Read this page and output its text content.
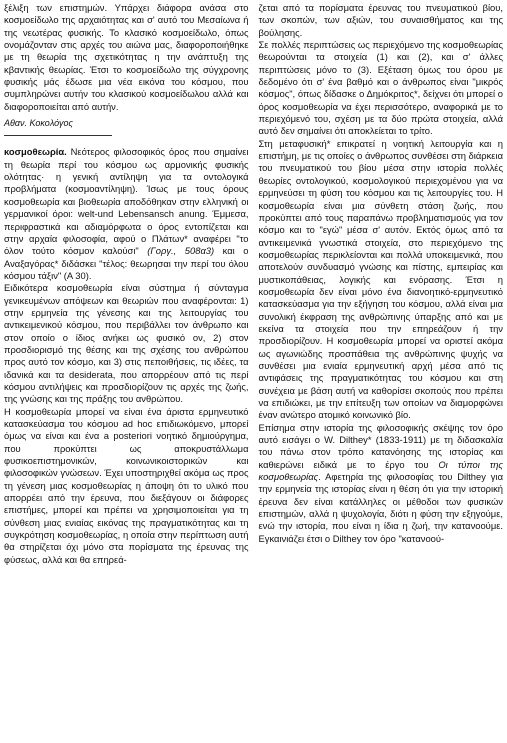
ξέλιξη των επιστημών. Υπάρχει διάφορα ανάσα στο κοσμοείδωλο της αρχαιότητας και σ' αυτό του Μεσαίωνα ή της νεωτέρας φυσικής. Το κλασικό κοσμοείδωλο, όπως ονομάζονταν στις αρχές του αιώνα μας, διαφοροποιήθηκε με τη θεωρία της σχετικότητας η την ανάπτυξη της κβαντικής θεωρίας. Έτσι το κοσμοείδωλο της σύγχρονης φυσικής μάς έδωσε μια νέα εικόνα του κόσμου, που συμπληρώνει αυτήν του κλασικού κοσμοείδωλου αλλά και διαφοροποιείται από αυτήν.

Αθαν. Κοκολόγος

κοσμοθεωρία. Νεότερος φιλοσοφικός όρος που σημαίνει τη θεωρία περί του κόσμου ως αρμονικής φυσικής ολότητας· η γενική αντίληψη για τα οντολογικά προβλήματα (κοσμοαντίληψη). Ίσως με τους όρους κοσμοθεωρία και βιοθεωρία αποδόθηκαν στην ελληνική οι γερμανικοί όροι: welt-und Lebensansch anung. Έμμεσα, περιφραστικά και αδιαμόρφωτα ο όρος εντοπίζεται και στην αρχαία φιλοσοφία, αφού ο Πλάτων* αναφέρει "το όλον τούτο κόσμον καλούσι" (Γοργ., 508α3) και ο Αναξαγόρας* διδάσκει "τέλος: θεωρησαι την περί του όλου κόσμου τάξιν" (Α 30).

Ειδικότερα κοσμοθεωρία είναι σύστημα ή σύνταγμα γενικευμένων απόψεων και θεωριών που αναφέρονται: 1) στην ερμηνεία της γένεσης και της λειτουργίας του αντικειμενικού κόσμου, που περιβάλλει τον άνθρωπο και στον οποίο ο ίδιος ανήκει ως φυσικό ον, 2) στον προσδιορισμό της θέσης και της σχέσης του ανθρώπου προς αυτό τον κόσμο, και 3) στις πεποιθήσεις, τις ιδέες, τα ιδανικά και τα desiderata, που απορρέουν από τις περί κόσμου αντιλήψεις και προσδιορίζουν τις αρχές της ζωής, της γνώσης και της πράξης του ανθρώπου.

Η κοσμοθεωρία μπορεί να είναι ένα άριστα ερμηνευτικό κατασκεύασμα του κόσμου ad hoc επιδιωκόμενο, μπορεί όμως να είναι και ένα a posteriori νοητικό δημιούργημα, που προκύπτει ως αποκρυστάλλωμα φυσικοεπιστημονικών, κοινωνικοιστορικών και φιλοσοφικών γνώσεων. Έχει υποστηριχθεί ακόμα ως προς τη γένεση μιας κοσμοθεωρίας η άποψη ότι το υλικό που απορρέει από την έρευνα, που διεξάγουν οι διάφορες επιστήμες, μπορεί και πρέπει να χρησιμοποιείται για τη σύνθεση μιας ενιαίας εικόνας της πραγματικότητας και τη συγκρότηση κοσμοθεωρίας, η οποία στην περίπτωση αυτή θα στηρίζεται όχι μόνο στα πορίσματα της έρευνας της φύσεως, αλλά και θα επηρεά-

ζεται από τα πορίσματα έρευνας του πνευματικού βίου, των σκοπών, των αξιών, του συναισθήματος και της βούλησης.

Σε πολλές περιπτώσεις ως περιεχόμενο της κοσμοθεωρίας θεωρούνται τα στοιχεία (1) και (2), και σ' άλλες περιπτώσεις μόνο το (3). Εξέταση όμως του όρου με δεδομένο ότι σ' ένα βαθμό και ο άνθρωπος είναι "μικρός κόσμος", όπως δίδασκε ο Δημόκριτος*, δείχνει ότι μπορεί ο όρος κοσμοθεωρία να έχει περισσότερο, αναφορικά με το περιεχόμενό του, σχέση με τα δύο πρώτα στοιχεία, αλλά αυτό δεν σημαίνει ότι αποκλείεται το τρίτο.

Στη μεταφυσική* επικρατεί η νοητική λειτουργία και η επιστήμη, με τις οποίες ο άνθρωπος συνθέσει στη διάρκεια του πνευματικού του βίου μέσα στην ιστορία πολλές θεωρίες οντολογικού, κοσμολογικού περιεχομένου για να ερμηνεύσει τη φύση του κόσμου και τις λειτουργίες του. Η κοσμοθεωρία είναι μια σύνθετη στάση ζωής, που προκύπτει από τους παραπάνω προβληματισμούς για τον κόσμο και το "εγώ" μέσα σ' αυτόν. Εκτός όμως από τα αντικειμενικά γνωστικά στοιχεία, στο περιεχόμενο της κοσμοθεωρίας περικλείονται και πολλά υποκειμενικά, που αποτελούν συνδυασμό γνώσης και πίστης, εμπειρίας και μυστικοπάθειας, λογικής και ενόρασης. Έτσι η κοσμοθεωρία δεν είναι μόνο ένα διανοητικό-ερμηνευτικό κατασκεύασμα για την εξήγηση του κόσμου, αλλά είναι μια συνολική έκφραση της ανθρώπινης ύπαρξης από και με εκείνα τα στοιχεία που την επηρεάζουν ή την προσδιορίζουν. Η κοσμοθεωρία μπορεί να οριστεί ακόμα ως αγωνιώδης προσπάθεια της ανθρώπινης ψυχής να συνθέσει μια ενιαία ερμηνευτική αρχή μέσα από τις αντιφάσεις της πραγματικότητας του κόσμου και στη συνέχεια με βάση αυτή να καθορίσει σκοπούς που πρέπει να επιδιώκει, με την επίτευξη των οποίων να διαμορφώνει έναν ανώτερο ατομικό κοινωνικό βίο.

Επίσημα στην ιστορία της φιλοσοφικής σκέψης τον όρο αυτό εισάγει ο W. Dilthey* (1833-1911) με τη διδασκαλία του πάνω στον τρόπο κατανόησης της ιστορίας και καθιερώνει ειδικά με το έργο του Οι τύποι της κοσμοθεωρίας. Αφετηρία της φιλοσοφίας του Dilthey για την ερμηνεία της ιστορίας είναι η θέση ότι για την ιστορική έρευνα δεν είναι κατάλληλες οι μέθοδοι των φυσικών επιστημών, αλλά η ψυχολογία, διότι η φύση την εξηγούμε, ενώ την ιστορία, που είναι η ίδια η ζωή, την κατανοούμε. Εγκαινιάζει έτσι ο Dilthey τον όρο "κατανοού-
